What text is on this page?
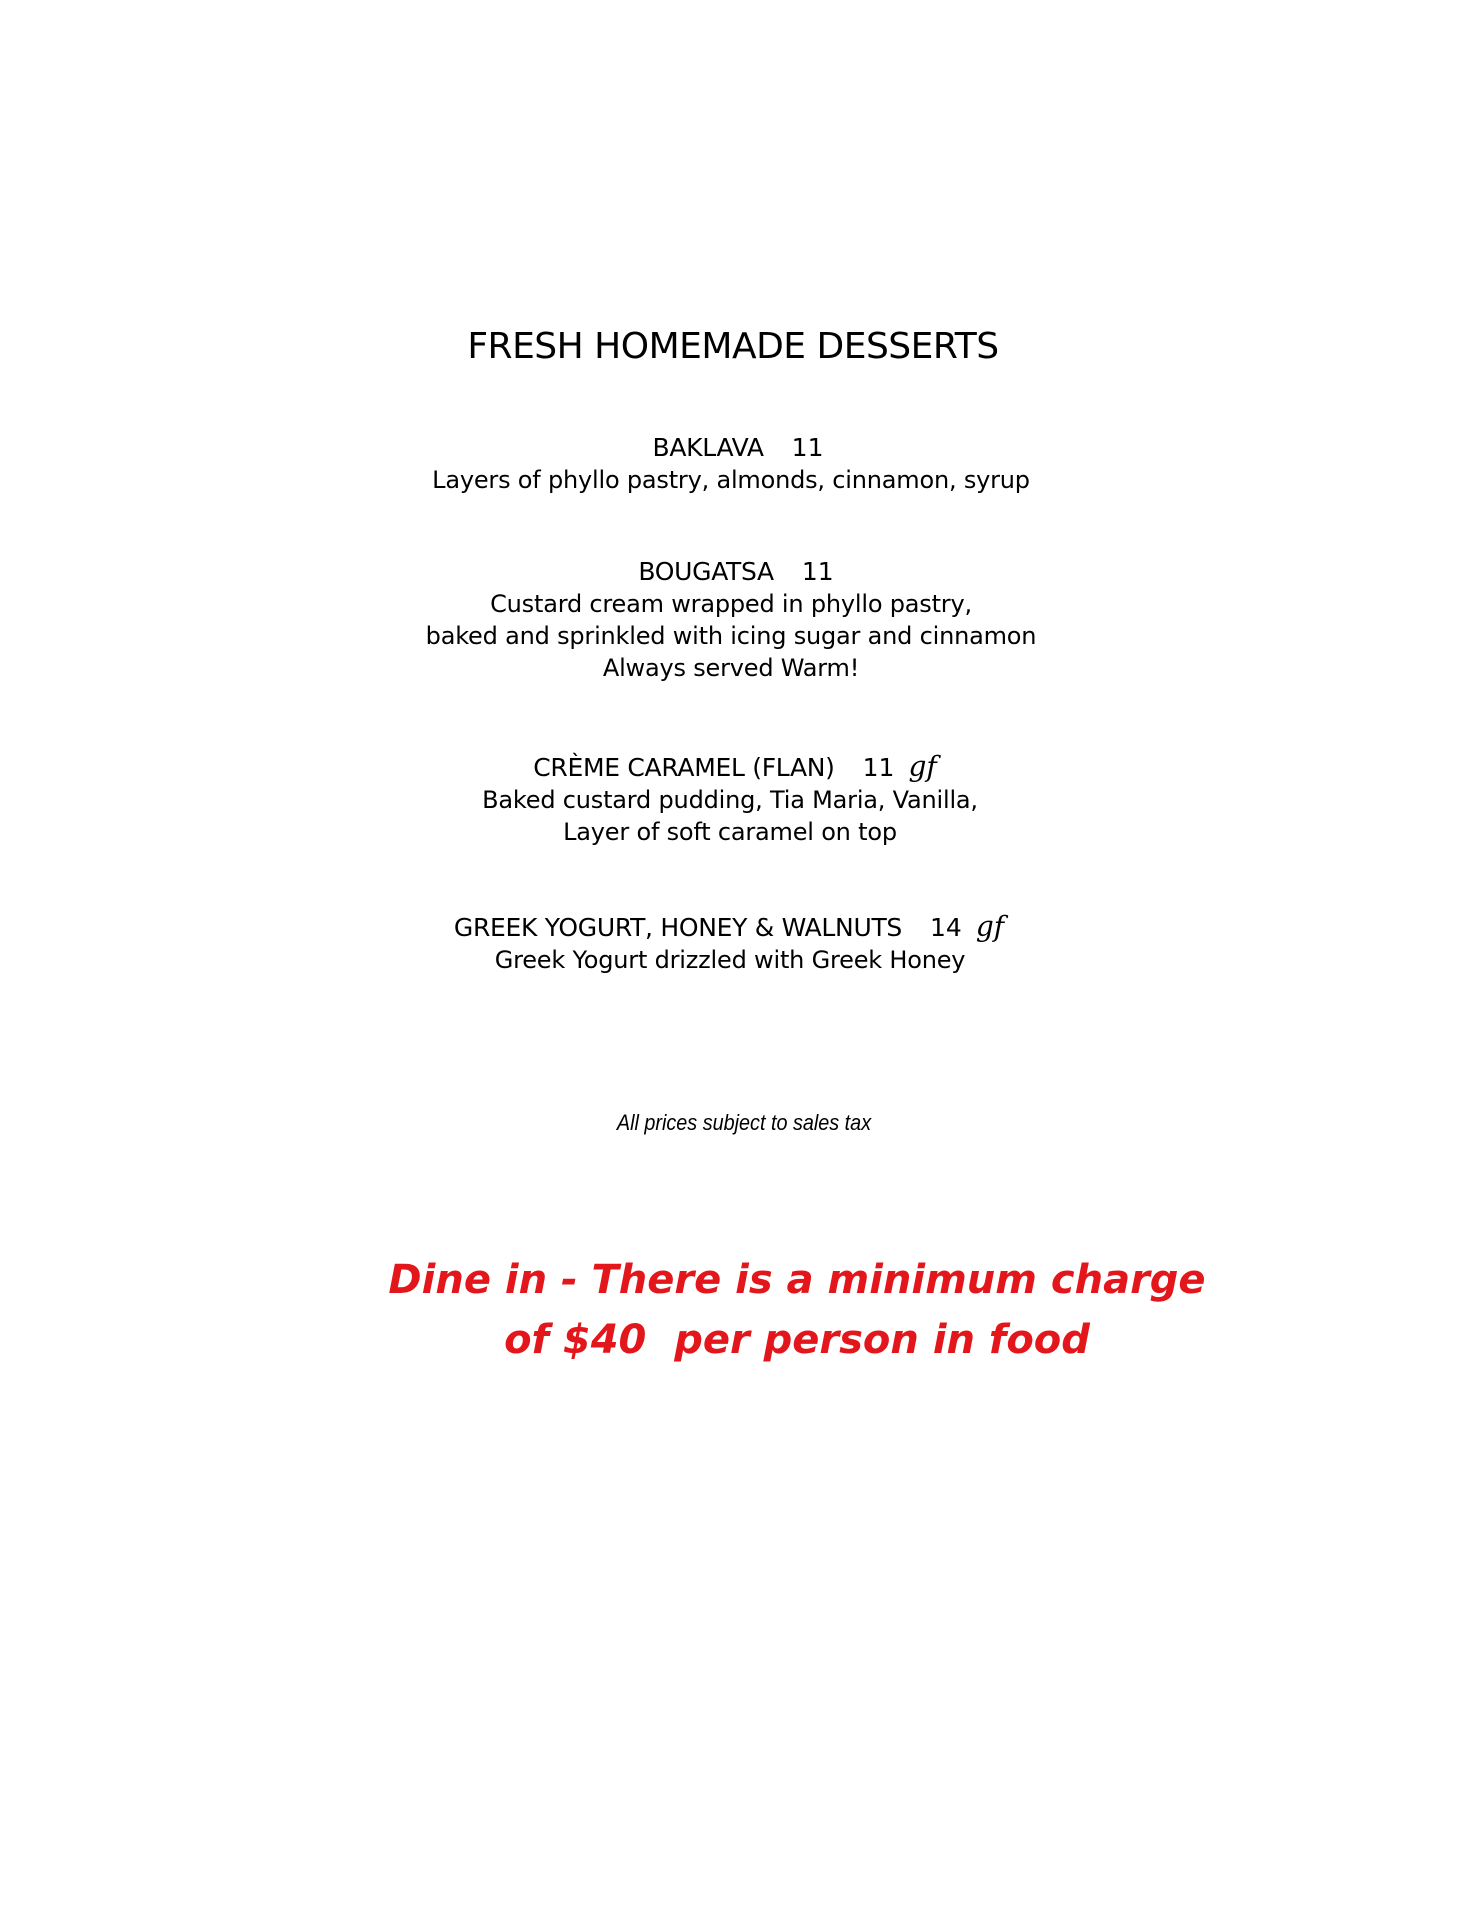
FRESH HOMEMADE DESSERTS
BAKLAVA 11
Layers of phyllo pastry, almonds, cinnamon, syrup
BOUGATSA 11
Custard cream wrapped in phyllo pastry,
baked and sprinkled with icing sugar and cinnamon
Always served Warm!
CRÈME CARAMEL (FLAN) 11 gf
Baked custard pudding, Tia Maria, Vanilla,
Layer of soft caramel on top
GREEK YOGURT, HONEY & WALNUTS 14 gf
Greek Yogurt drizzled with Greek Honey
All prices subject to sales tax
Dine in - There is a minimum charge
of $40  per person in food
